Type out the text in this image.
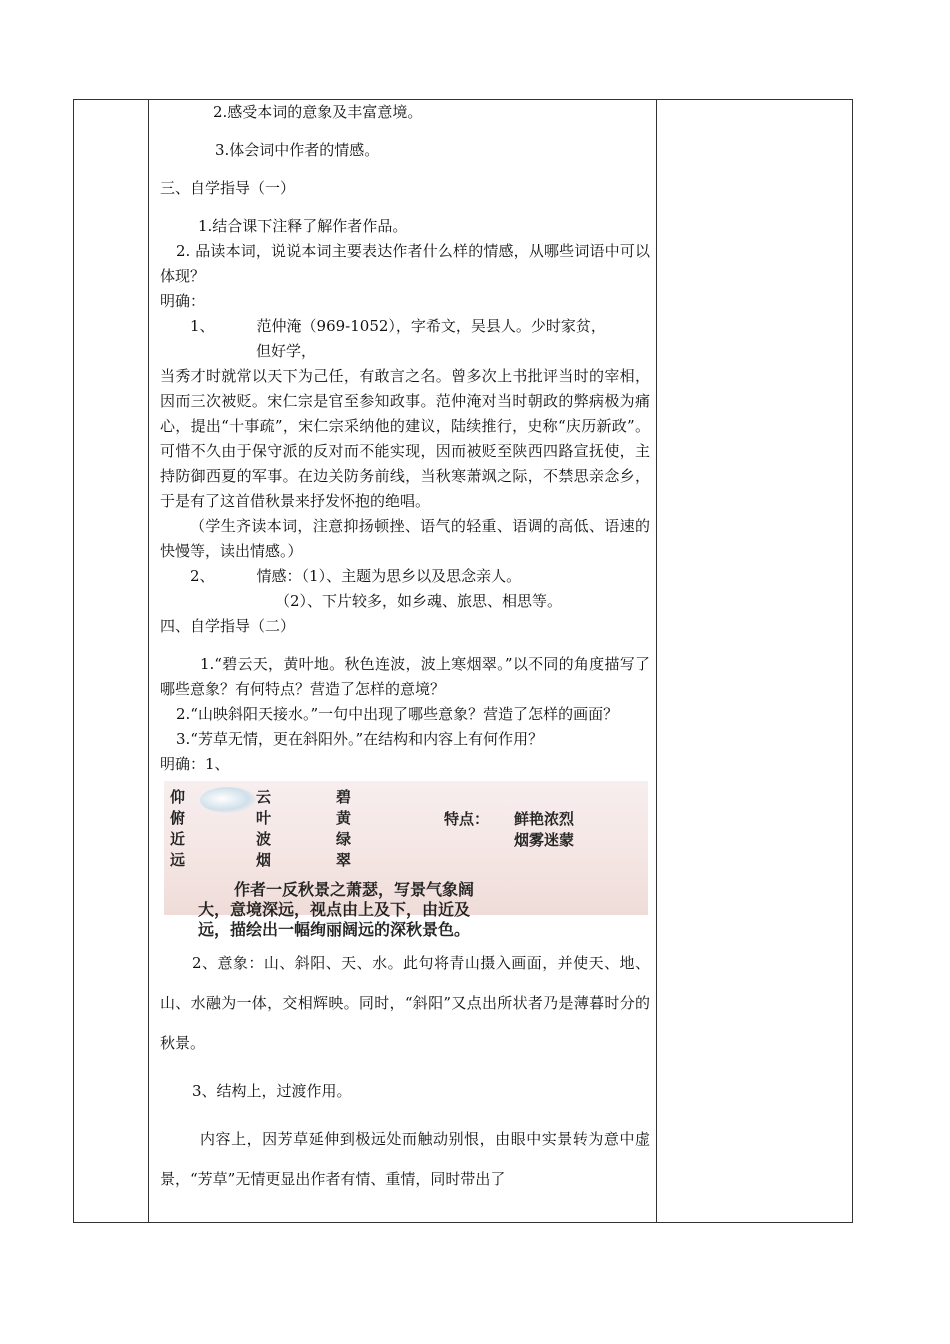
2.感受本词的意象及丰富意境。

3.体会词中作者的情感。

三、自学指导（一）

1.结合课下注释了解作者作品。

2. 品读本词，说说本词主要表达作者什么样的情感，从哪些词语中可以体现？

明确：

1、	范仲淹（969-1052），字希文，吴县人。少时家贫，

但好学，

当秀才时就常以天下为己任，有敢言之名。曾多次上书批评当时的宰相，因而三次被贬。宋仁宗是官至参知政事。范仲淹对当时朝政的弊病极为痛心，提出“十事疏”，宋仁宗采纳他的建议，陆续推行，史称“庆历新政”。可惜不久由于保守派的反对而不能实现，因而被贬至陕西四路宣抚使，主持防御西夏的军事。在边关防务前线，当秋寒萧飒之际，不禁思亲念乡，于是有了这首借秋景来抒发怀抱的绝唱。

（学生齐读本词，注意抑扬顿挫、语气的轻重、语调的高低、语速的快慢等，读出情感。）

2、	情感：（1）、主题为思乡以及思念亲人。

（2）、下片较多，如乡魂、旅思、相思等。

四、自学指导（二）

1.“碧云天，黄叶地。秋色连波，波上寒烟翠。”以不同的角度描写了哪些意象？有何特点？营造了怎样的意境？

2.“山映斜阳天接水。”一句中出现了哪些意象？营造了怎样的画面？

3.“芳草无情，更在斜阳外。”在结构和内容上有何作用？

明确：1、

仰
俯
近
远
云
叶
波
烟
碧
黄
绿
翠
特点： 鲜艳浓烈
烟雾迷蒙
作者一反秋景之萧瑟，写景气象阔
大，意境深远，视点由上及下，由近及
远，描绘出一幅绚丽阔远的深秋景色。

2、意象：山、斜阳、天、水。此句将青山摄入画面，并使天、地、山、水融为一体，交相辉映。同时，“斜阳”又点出所状者乃是薄暮时分的秋景。

3、结构上，过渡作用。

内容上，因芳草延伸到极远处而触动别恨，由眼中实景转为意中虚景，“芳草”无情更显出作者有情、重情，同时带出了
